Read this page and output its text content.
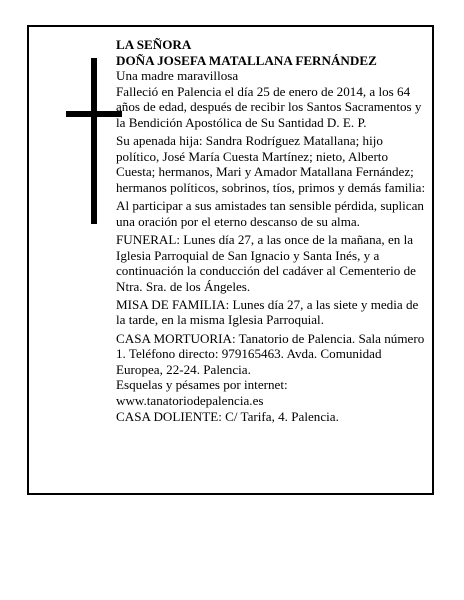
LA SEÑORA

DOÑA JOSEFA MATALLANA FERNÁNDEZ

Una madre maravillosa

Falleció en Palencia el día 25 de enero de 2014, a los 64 años de edad, después de recibir los Santos Sacramentos y la Bendición Apostólica de Su Santidad D. E. P.

Su apenada hija: Sandra Rodríguez Matallana; hijo político, José María Cuesta Martínez; nieto, Alberto Cuesta; hermanos, Mari y Amador Matallana Fernández; hermanos políticos, sobrinos, tíos, primos y demás familia:

Al participar a sus amistades tan sensible pérdida, suplican una oración por el eterno descanso de su alma.

FUNERAL: Lunes día 27, a las once de la mañana, en la Iglesia Parroquial de San Ignacio y Santa Inés, y a continuación la conducción del cadáver al Cementerio de Ntra. Sra. de los Ángeles.

MISA DE FAMILIA: Lunes día 27, a las siete y media de la tarde, en la misma Iglesia Parroquial.

CASA MORTUORIA: Tanatorio de Palencia. Sala número 1. Teléfono directo: 979165463. Avda. Comunidad Europea, 22-24. Palencia.

Esquelas y pésames por internet:

www.tanatoriodepalencia.es

CASA DOLIENTE: C/ Tarifa, 4. Palencia.
